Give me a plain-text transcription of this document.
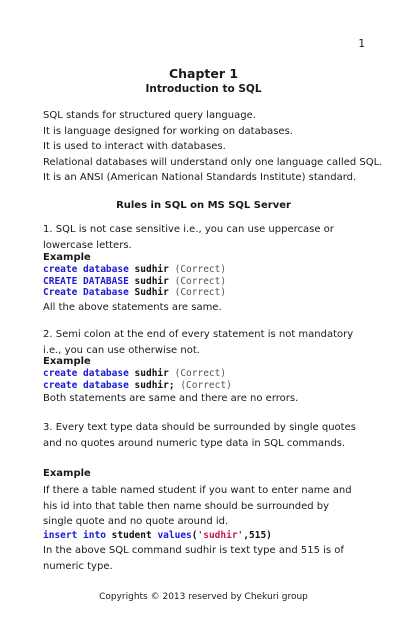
1
Chapter 1
Introduction to SQL
SQL stands for structured query language.
It is language designed for working on databases.
It is used to interact with databases.
Relational databases will understand only one language called SQL.
It is an ANSI (American National Standards Institute) standard.
Rules in SQL on MS SQL Server
1. SQL is not case sensitive i.e., you can use uppercase or lowercase letters.
Example
create database sudhir (Correct)
CREATE DATABASE sudhir (Correct)
Create Database Sudhir (Correct)
All the above statements are same.
2. Semi colon at the end of every statement is not mandatory i.e., you can use otherwise not.
Example
create database sudhir (Correct)
create database sudhir; (Correct)
Both statements are same and there are no errors.
3. Every text type data should be surrounded by single quotes and no quotes around numeric type data in SQL commands.
Example
If there a table named student if you want to enter name and his id into that table then name should be surrounded by single quote and no quote around id.
insert into student values('sudhir',515)
In the above SQL command sudhir is text type and 515 is of numeric type.
Copyrights © 2013 reserved by Chekuri group
